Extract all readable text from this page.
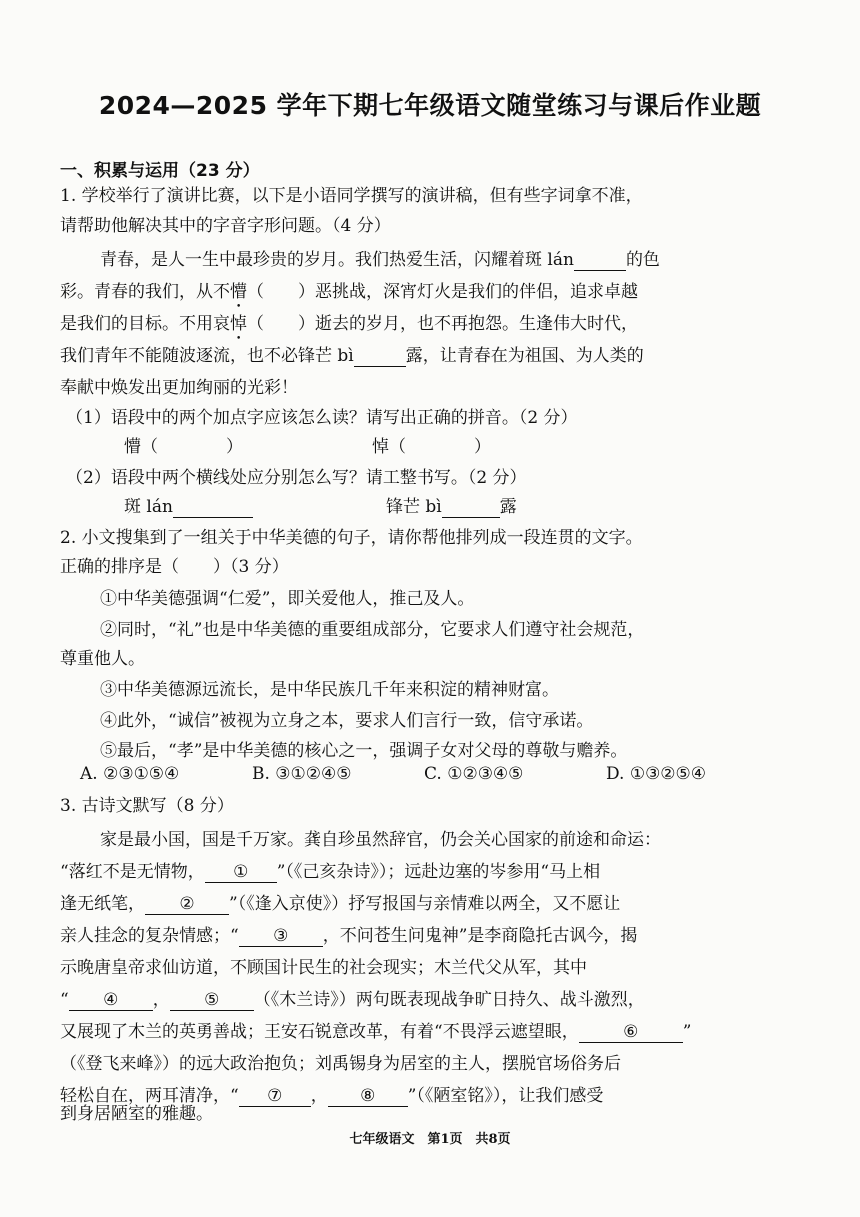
2024—2025 学年下期七年级语文随堂练习与课后作业题
一、积累与运用（23 分）
1. 学校举行了演讲比赛，以下是小语同学撰写的演讲稿，但有些字词拿不准，
请帮助他解决其中的字音字形问题。（4 分）
青春，是人一生中最珍贵的岁月。我们热爱生活，闪耀着斑 lán	的色
彩。青春的我们，从不懵（　　）恶挑战，深宵灯火是我们的伴侣，追求卓越
是我们的目标。不用哀悼（　　）逝去的岁月，也不再抱怨。生逢伟大时代，
我们青年不能随波逐流，也不必锋芒 bì	露，让青春在为祖国、为人类的
奉献中焕发出更加绚丽的光彩！
（1）语段中的两个加点字应该怎么读？请写出正确的拼音。（2 分）
懵（　　　　）	悼（　　　　）
（2）语段中两个横线处应分别怎么写？请工整书写。（2 分）
斑 lán	锋芒 bì	露
2. 小文搜集到了一组关于中华美德的句子，请你帮他排列成一段连贯的文字。
正确的排序是（　　）（3 分）
①中华美德强调“仁爱”，即关爱他人，推己及人。
②同时，“礼”也是中华美德的重要组成部分，它要求人们遵守社会规范，
尊重他人。
③中华美德源远流长，是中华民族几千年来积淀的精神财富。
④此外，“诚信”被视为立身之本，要求人们言行一致，信守承诺。
⑤最后，“孝”是中华美德的核心之一，强调子女对父母的尊敬与赡养。
A. ②③①⑤④	B. ③①②④⑤	C. ①②③④⑤	D. ①③②⑤④
3. 古诗文默写（8 分）
家是最小国，国是千万家。龚自珍虽然辞官，仍会关心国家的前途和命运：
“落红不是无情物， ① ”（《己亥杂诗》）；远赴边塞的岑参用“马上相
逢无纸笔， ② ”（《逢入京使》）抒写报国与亲情难以两全，又不愿让
亲人挂念的复杂情感；“ ③ ，不问苍生问鬼神”是李商隐托古讽今，揭
示晚唐皇帝求仙访道，不顾国计民生的社会现实；木兰代父从军，其中
“ ④ ， ⑤ （《木兰诗》）两句既表现战争旷日持久、战斗激烈，
又展现了木兰的英勇善战；王安石锐意改革，有着“不畏浮云遮望眼，	⑥	”
（《登飞来峰》）的远大政治抱负；刘禹锡身为居室的主人，摆脱官场俗务后
轻松自在，两耳清净，“ ⑦ ， ⑧ ”（《陋室铭》），让我们感受
到身居陋室的雅趣。
七年级语文　第1页　共8页
